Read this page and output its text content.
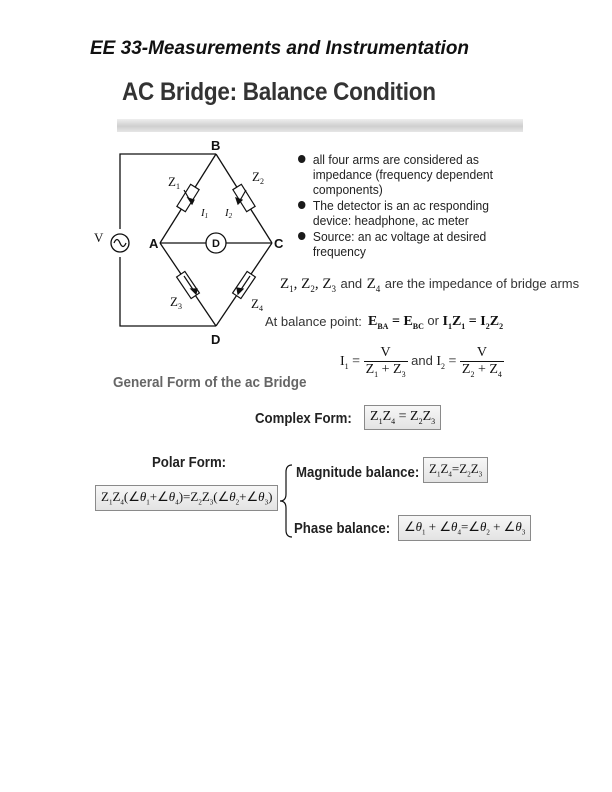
EE 33-Measurements and Instrumentation
AC Bridge: Balance Condition
B
A	C
D
D
V
$Z_1$
$Z_2$
$Z_3$	$Z_4$
I1 I2
all four arms are considered as impedance (frequency dependent components)
The detector is an ac responding device: headphone, ac meter
Source: an ac voltage at desired frequency
$Z_1$, $Z_2$, $Z_3$ and $Z_4$ are the impedance of bridge arms
At balance point: $E_{BA} = E_{BC}$ or $I_1Z_1 = I_2Z_2$
$I_1 = \frac{V}{Z_1 + Z_3}$ and $I_2 = \frac{V}{Z_2 + Z_4}$
General Form of the ac Bridge
Complex Form:	$Z_1Z_4 = Z_2Z_3$
Polar Form:
$Z_1Z_4(\angle\theta_1+\angle\theta_4)=Z_2Z_3(\angle\theta_2+\angle\theta_3)$
Magnitude balance: $Z_1Z_4=Z_2Z_3$
Phase balance:	$\angle\theta_1$ + $\angle\theta_4=\angle\theta_2$ + $\angle\theta_3$
